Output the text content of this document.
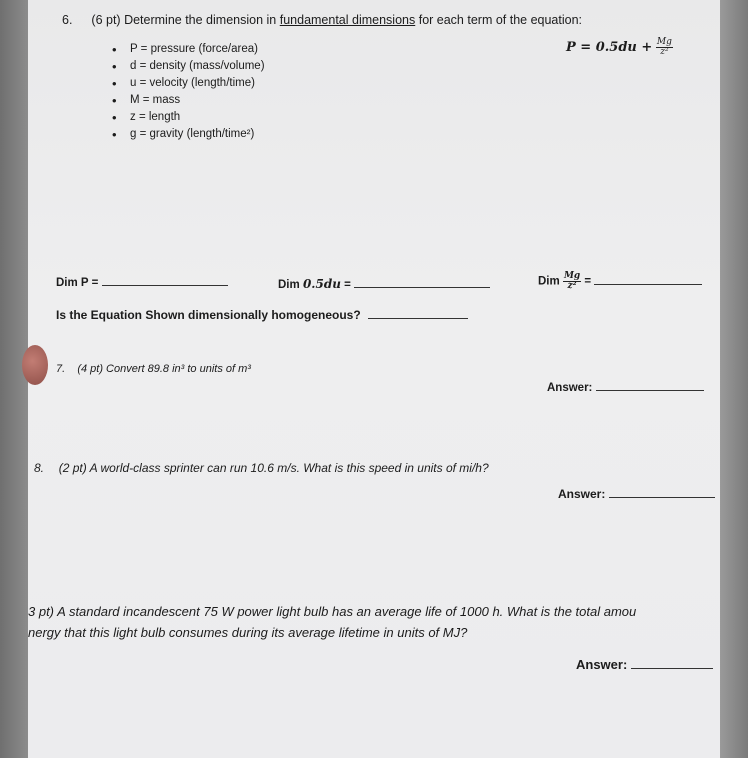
6. (6 pt) Determine the dimension in fundamental dimensions for each term of the equation:
$P = 0.5du + \frac{Mg}{\text{z²}}$
• P = pressure (force/area)
• d = density (mass/volume)
• u = velocity (length/time)
• M = mass
• z = length
• g = gravity (length/time²)
Dim P =	Dim 0.5du =	Dim $\frac{Mg}{\text{z²}}$ =
Is the Equation Shown dimensionally homogeneous?
7. (4 pt) Convert 89.8 in³ to units of m³
Answer:
8. (2 pt) A world-class sprinter can run 10.6 m/s. What is this speed in units of mi/h?
Answer:
3 pt) A standard incandescent 75 W power light bulb has an average life of 1000 h. What is the total amou
nergy that this light bulb consumes during its average lifetime in units of MJ?
Answer:
